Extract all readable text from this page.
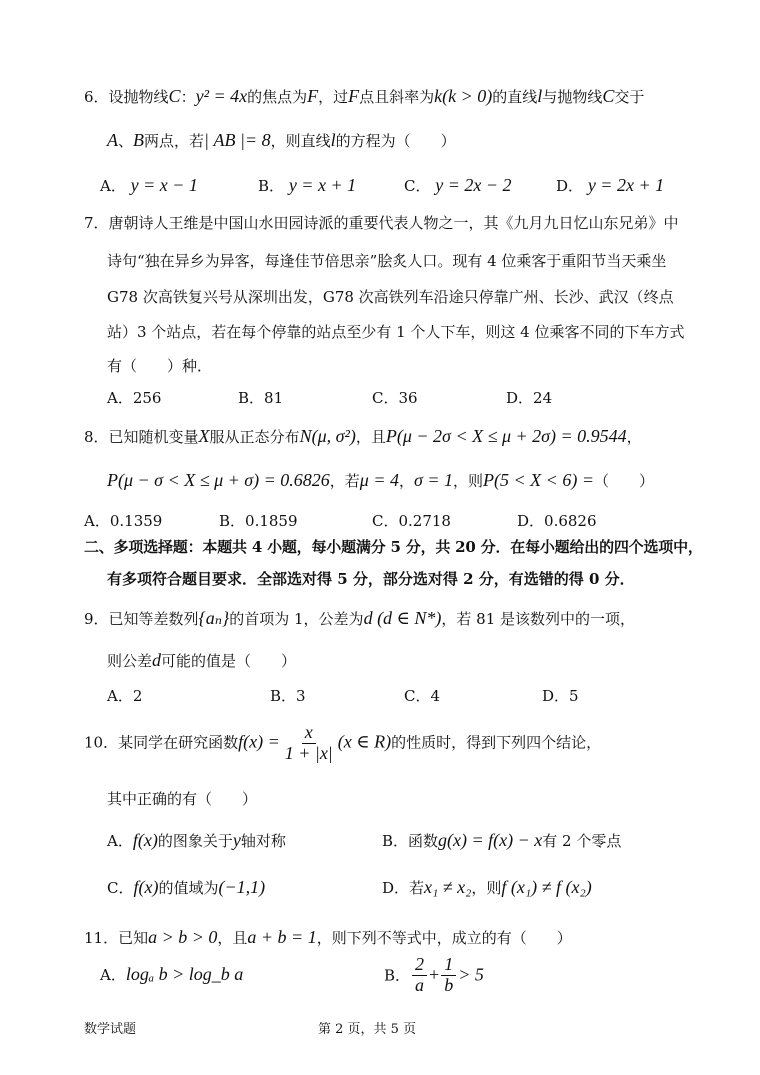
6．设抛物线C：y² = 4x的焦点为F，过F点且斜率为k(k > 0)的直线l与抛物线C交于
A、B两点，若| AB |= 8，则直线l的方程为（　　）
A． y = x − 1	B． y = x + 1	C． y = 2x − 2	D． y = 2x + 1
7．唐朝诗人王维是中国山水田园诗派的重要代表人物之一，其《九月九日忆山东兄弟》中
诗句“独在异乡为异客，每逢佳节倍思亲”脍炙人口。现有 4 位乘客于重阳节当天乘坐
G78 次高铁复兴号从深圳出发，G78 次高铁列车沿途只停靠广州、长沙、武汉（终点
站）3 个站点，若在每个停靠的站点至少有 1 个人下车，则这 4 位乘客不同的下车方式
有（　　）种．
A．256	B．81	C．36	D．24
8．已知随机变量X服从正态分布N(μ, σ²)，且P(μ − 2σ < X ≤ μ + 2σ) = 0.9544，
P(μ − σ < X ≤ μ + σ) = 0.6826，若μ = 4，σ = 1，则P(5 < X < 6) =（　　）
A．0.1359	B．0.1859	C．0.2718	D．0.6826
二、多项选择题：本题共 4 小题，每小题满分 5 分，共 20 分．在每小题给出的四个选项中，
有多项符合题目要求．全部选对得 5 分，部分选对得 2 分，有选错的得 0 分．
9．已知等差数列{aₙ}的首项为 1，公差为d (d ∈ N*)，若 81 是该数列中的一项，
则公差d可能的值是（　　）
A．2	B．3	C．4	D．5
10．某同学在研究函数$f(x) = \frac{x}{1 + |x|} (x$ ∈ R)的性质时，得到下列四个结论，
其中正确的有（　　）
A．f(x)的图象关于y轴对称	B．函数g(x) = f(x) − x有 2 个零点
C．f(x)的值域为(−1,1)	D．若x₁ ≠ x₂，则f (x₁) ≠ f (x₂)
11．已知a > b > 0，且a + b = 1，则下列不等式中，成立的有（　　）
A．logₐ b > log_b a	B． $\frac{2}{a} + \frac{1}{b} > 5$
数学试题	第 2 页，共 5 页
